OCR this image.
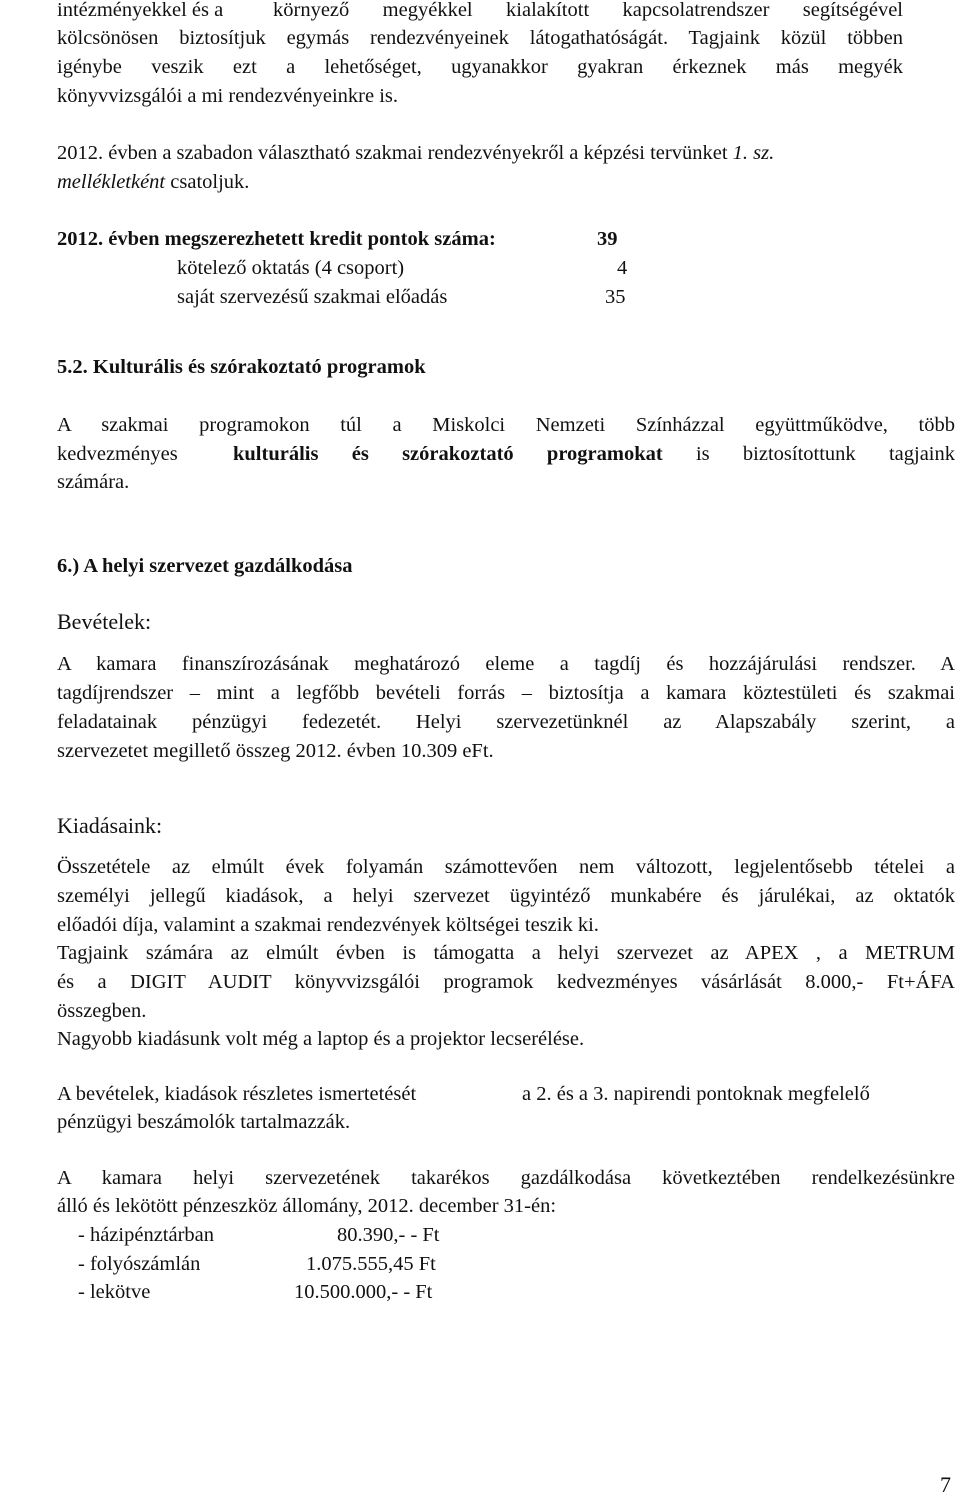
intézményekkel és a környező megyékkel kialakított kapcsolatrendszer segítségével
kölcsönösen biztosítjuk egymás rendezvényeinek látogathatóságát. Tagjaink közül többen
igénybe veszik ezt a lehetőséget, ugyanakkor gyakran érkeznek más megyék
könyvvizsgálói a mi rendezvényeinkre is.
2012. évben a szabadon választható szakmai rendezvényekről a képzési tervünket 1. sz.
mellékletként csatoljuk.
2012. évben megszerezhetett kredit pontok száma:	39
kötelező oktatás (4 csoport)	4
saját szervezésű szakmai előadás	35
5.2. Kulturális és szórakoztató programok
A szakmai programokon túl a Miskolci Nemzeti Színházzal együttműködve, több
kedvezményes	kulturális és szórakoztató programokat is biztosítottunk tagjaink
számára.
6.) A helyi szervezet gazdálkodása
Bevételek:
A kamara finanszírozásának meghatározó eleme a tagdíj és hozzájárulási rendszer. A
tagdíjrendszer – mint a legfőbb bevételi forrás – biztosítja a kamara köztestületi és szakmai
feladatainak pénzügyi fedezetét. Helyi szervezetünknél az Alapszabály szerint, a
szervezetet megillető összeg 2012. évben 10.309 eFt.
Kiadásaink:
Összetétele az elmúlt évek folyamán számottevően nem változott, legjelentősebb tételei a
személyi jellegű kiadások, a helyi szervezet ügyintéző munkabére és járulékai, az oktatók
előadói díja, valamint a szakmai rendezvények költségei teszik ki.
Tagjaink számára az elmúlt évben is támogatta a helyi szervezet az APEX , a METRUM
és a DIGIT AUDIT könyvvizsgálói programok kedvezményes vásárlását 8.000,- Ft+ÁFA
összegben.
Nagyobb kiadásunk volt még a laptop és a projektor lecserélése.
A bevételek, kiadások részletes ismertetését	a 2. és a 3. napirendi pontoknak megfelelő
pénzügyi beszámolók tartalmazzák.
A kamara helyi szervezetének takarékos gazdálkodása következtében rendelkezésünkre
álló és lekötött pénzeszköz állomány, 2012. december 31-én:
- házipénztárban	80.390,- - Ft
- folyószámlán	1.075.555,45 Ft
- lekötve	10.500.000,- - Ft
7
